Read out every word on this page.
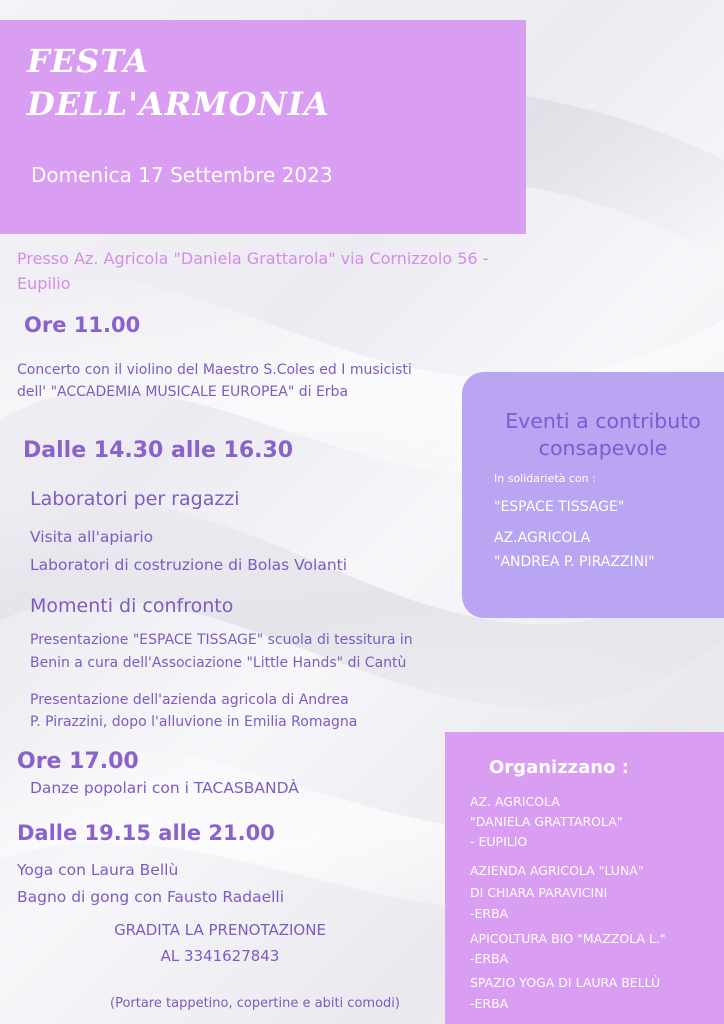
FESTA
DELL'ARMONIA
Domenica 17 Settembre 2023
Presso Az. Agricola "Daniela Grattarola" via Cornizzolo 56 - Eupilio
Ore 11.00
Concerto con il violino del Maestro S.Coles ed I musicisti
dell' "ACCADEMIA MUSICALE EUROPEA" di Erba
Dalle 14.30 alle 16.30
Laboratori per ragazzi
Visita all'apiario
Laboratori di costruzione di Bolas Volanti
Momenti di confronto
Presentazione "ESPACE TISSAGE" scuola di tessitura in
Benin a cura dell'Associazione "Little Hands" di Cantù
Presentazione dell'azienda agricola di Andrea
P. Pirazzini, dopo l'alluvione in Emilia Romagna
Ore 17.00
Danze popolari con i TACASBANDÀ
Dalle 19.15 alle 21.00
Yoga con Laura Bellù
Bagno di gong con Fausto Radaelli
GRADITA LA PRENOTAZIONE
AL 3341627843
(Portare tappetino, copertine e abiti comodi)
Eventi a contributo
consapevole
In solidarietà con :
"ESPACE TISSAGE"
AZ.AGRICOLA
"ANDREA P. PIRAZZINI"
Organizzano :
AZ. AGRICOLA
"DANIELA GRATTAROLA"
- EUPILIO
AZIENDA AGRICOLA "LUNA"
DI CHIARA PARAVICINI
-ERBA
APICOLTURA BIO "MAZZOLA L."
-ERBA
SPAZIO YOGA DI LAURA BELLÙ
-ERBA
